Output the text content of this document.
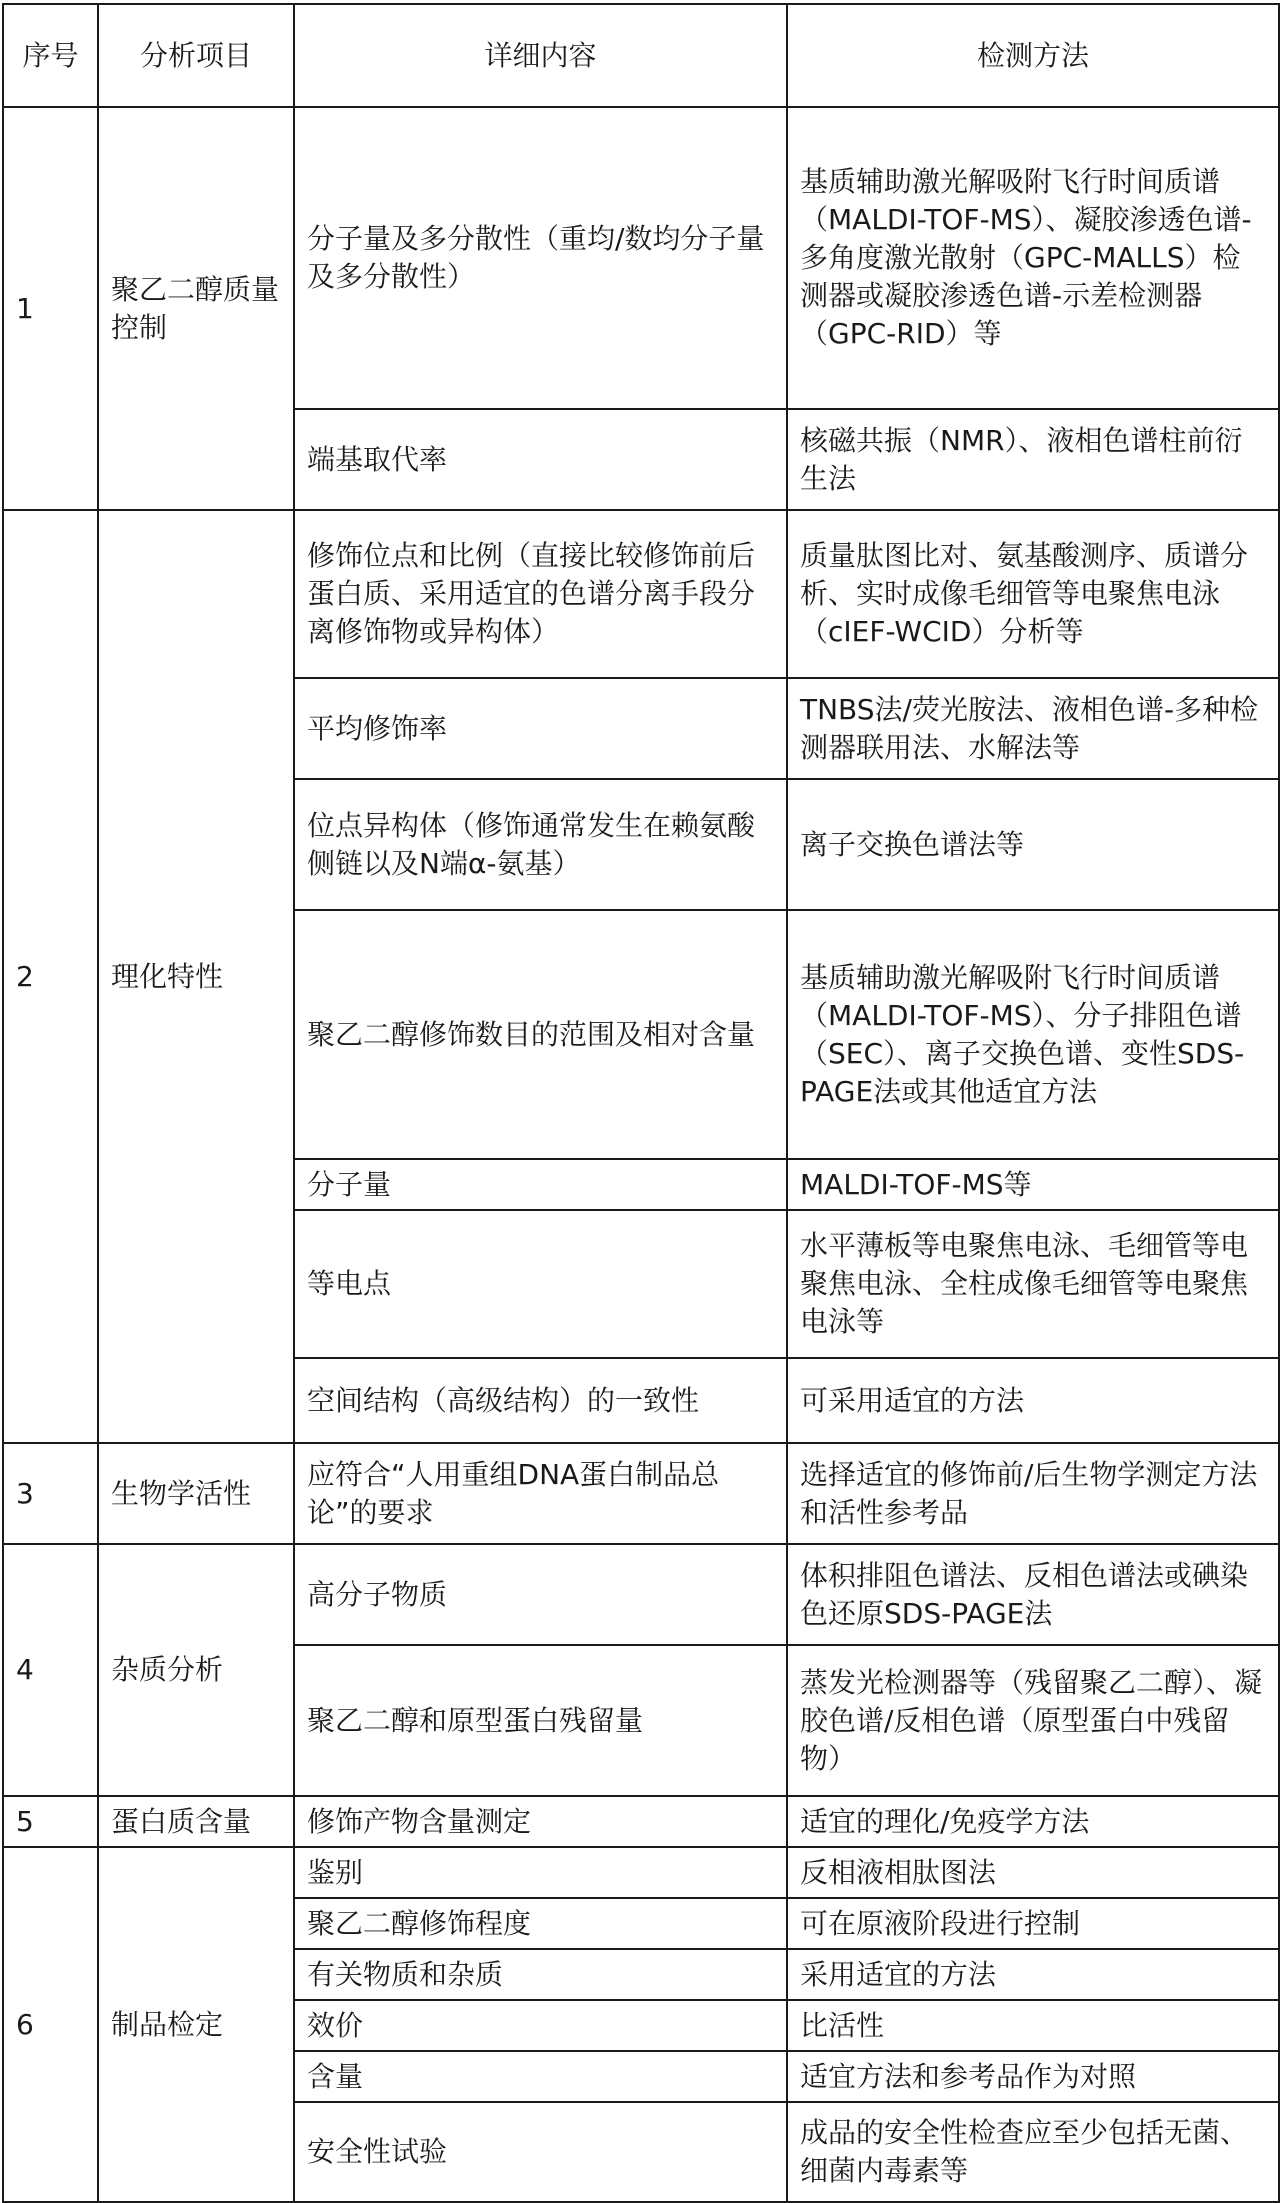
序号	分析项目	详细内容	检测方法
1	聚乙二醇质量控制	分子量及多分散性（重均/数均分子量及多分散性）	基质辅助激光解吸附飞行时间质谱（MALDI-TOF-MS）、凝胶渗透色谱-多角度激光散射（GPC-MALLS）检测器或凝胶渗透色谱-示差检测器（GPC-RID）等
		端基取代率	核磁共振（NMR）、液相色谱柱前衍生法
2	理化特性	修饰位点和比例（直接比较修饰前后蛋白质、采用适宜的色谱分离手段分离修饰物或异构体）	质量肽图比对、氨基酸测序、质谱分析、实时成像毛细管等电聚焦电泳（cIEF-WCID）分析等
		平均修饰率	TNBS法/荧光胺法、液相色谱-多种检测器联用法、水解法等
		位点异构体（修饰通常发生在赖氨酸侧链以及N端α-氨基）	离子交换色谱法等
		聚乙二醇修饰数目的范围及相对含量	基质辅助激光解吸附飞行时间质谱（MALDI-TOF-MS）、分子排阻色谱（SEC）、离子交换色谱、变性SDS-PAGE法或其他适宜方法
		分子量	MALDI-TOF-MS等
		等电点	水平薄板等电聚焦电泳、毛细管等电聚焦电泳、全柱成像毛细管等电聚焦电泳等
		空间结构（高级结构）的一致性	可采用适宜的方法
3	生物学活性	应符合“人用重组DNA蛋白制品总论”的要求	选择适宜的修饰前/后生物学测定方法和活性参考品
4	杂质分析	高分子物质	体积排阻色谱法、反相色谱法或碘染色还原SDS-PAGE法
		聚乙二醇和原型蛋白残留量	蒸发光检测器等（残留聚乙二醇）、凝胶色谱/反相色谱（原型蛋白中残留物）
5	蛋白质含量	修饰产物含量测定	适宜的理化/免疫学方法
6	制品检定	鉴别	反相液相肽图法
		聚乙二醇修饰程度	可在原液阶段进行控制
		有关物质和杂质	采用适宜的方法
		效价	比活性
		含量	适宜方法和参考品作为对照
		安全性试验	成品的安全性检查应至少包括无菌、细菌内毒素等
